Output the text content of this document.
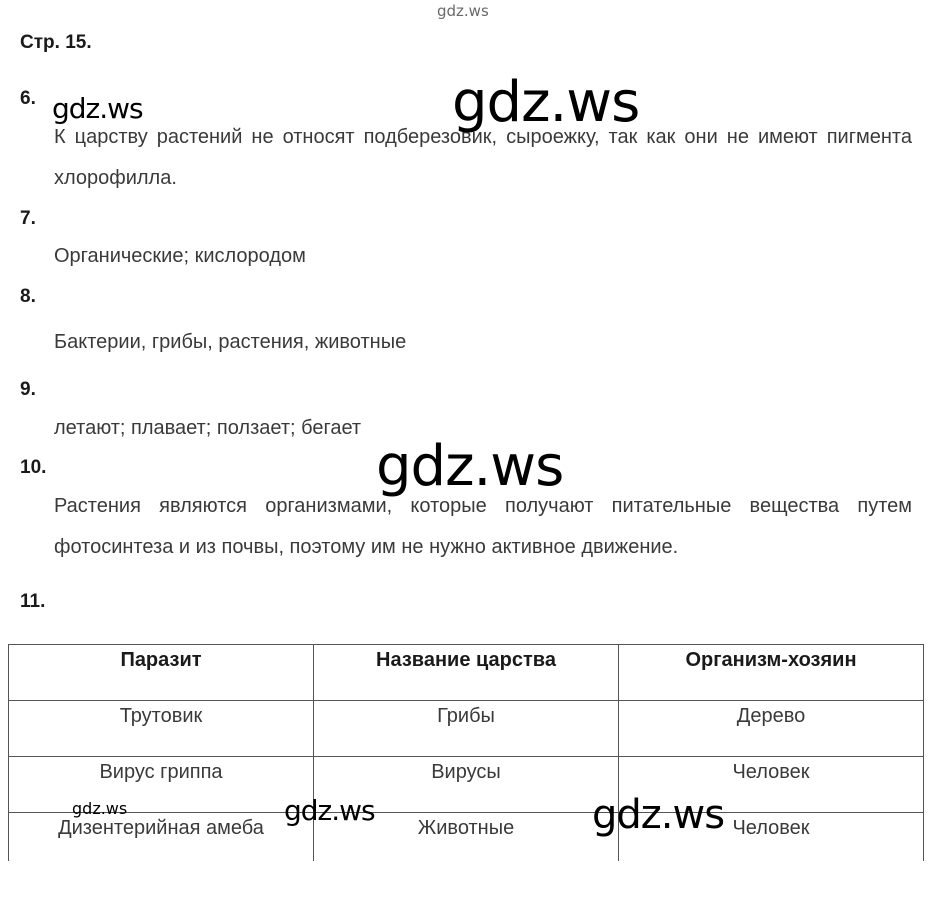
gdz.ws
Стр. 15.
6.
К царству растений не относят подберезовик, сыроежку, так как они не имеют пигмента хлорофилла.
7.
Органические; кислородом
8.
Бактерии, грибы, растения, животные
9.
летают; плавает; ползает; бегает
10.
Растения являются организмами, которые получают питательные вещества путем фотосинтеза и из почвы, поэтому им не нужно активное движение.
11.
Паразит	Название царства	Организм-хозяин
Трутовик	Грибы	Дерево
Вирус гриппа	Вирусы	Человек
Дизентерийная амеба	Животные	Человек
gdz.ws	gdz.ws
gdz.ws
gdz.ws	gdz.ws	gdz.ws
